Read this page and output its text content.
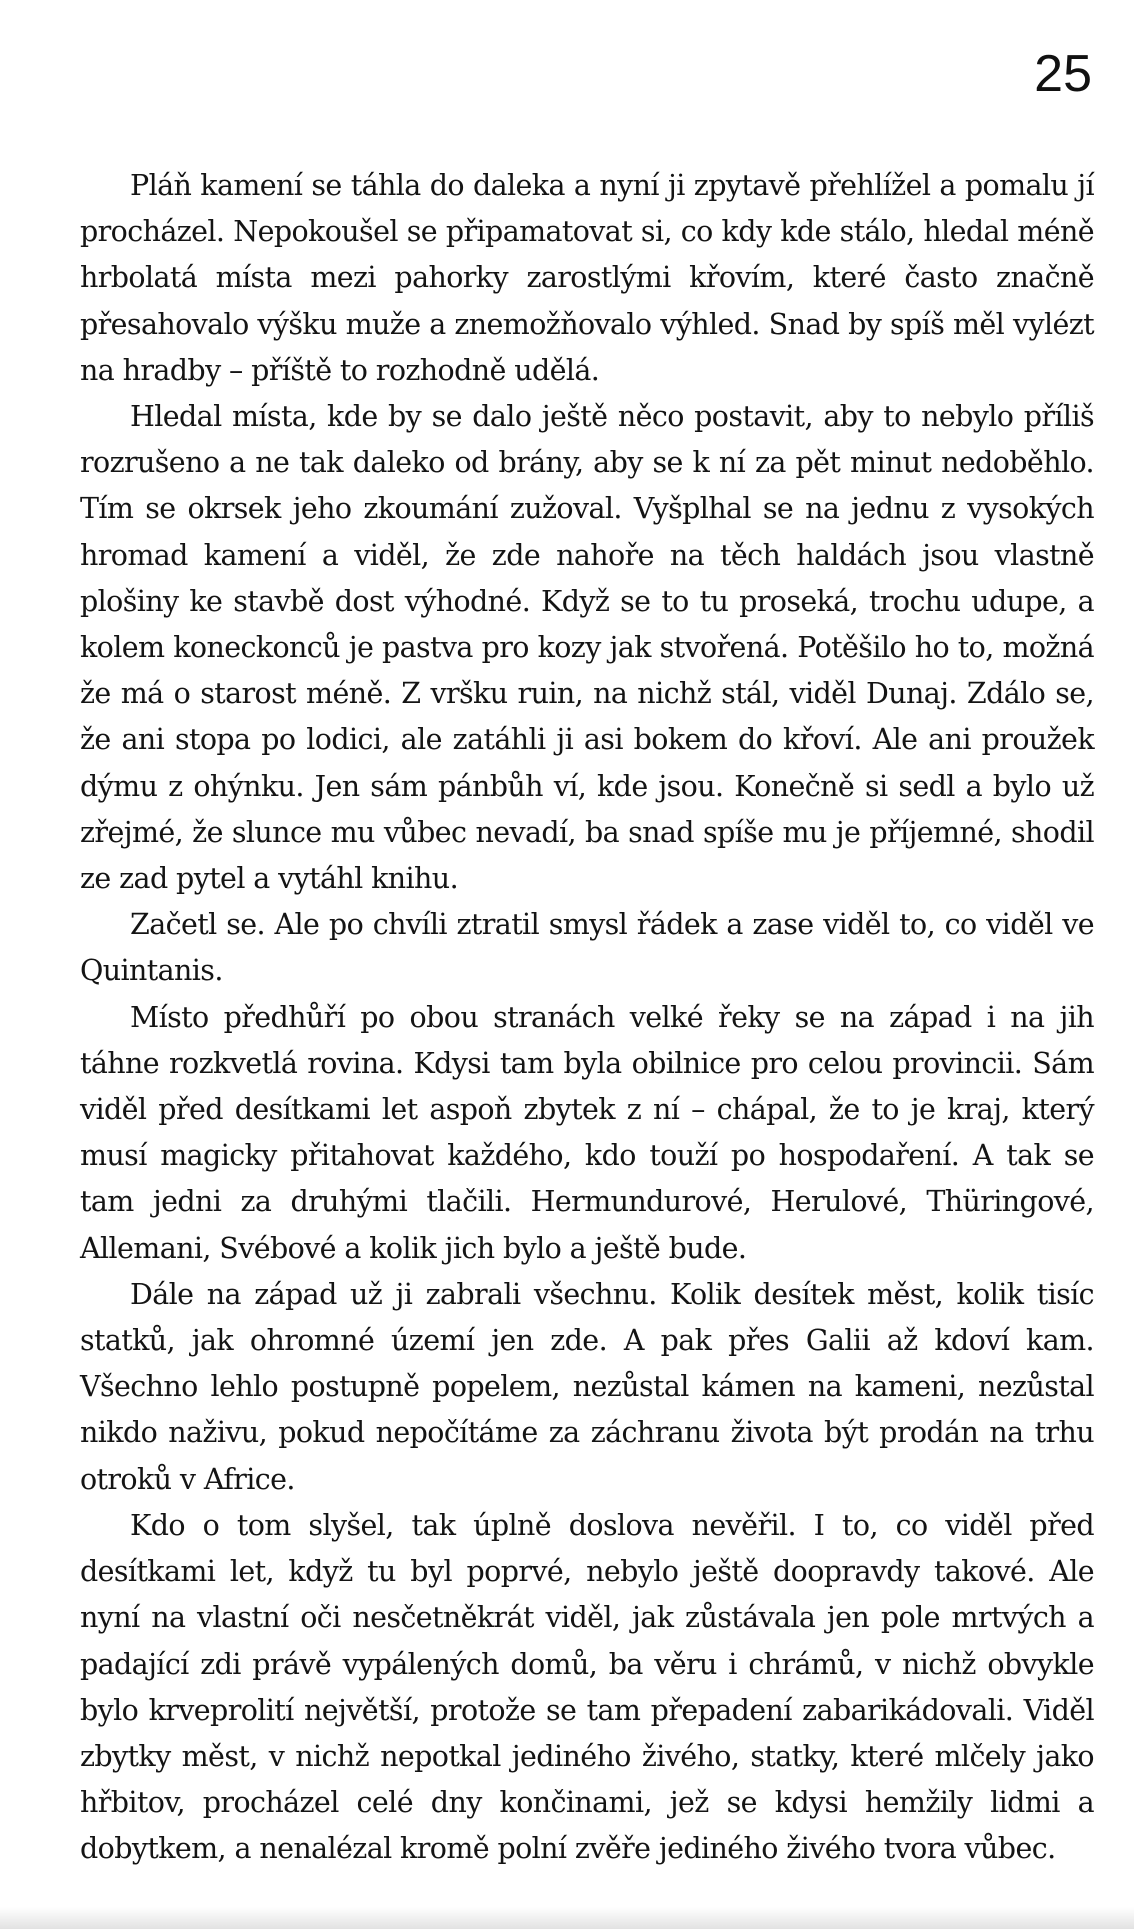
25

Pláň kamení se táhla do daleka a nyní ji zpytavě přehlížel a pomalu jí procházel. Nepokoušel se připamatovat si, co kdy kde stálo, hledal méně hrbolatá místa mezi pahorky zarostlými křovím, které často značně přesahovalo výšku muže a znemožňovalo výhled. Snad by spíš měl vylézt na hradby – příště to rozhodně udělá.

Hledal místa, kde by se dalo ještě něco postavit, aby to nebylo příliš rozrušeno a ne tak daleko od brány, aby se k ní za pět minut nedoběhlo. Tím se okrsek jeho zkoumání zužoval. Vyšplhal se na jednu z vysokých hromad kamení a viděl, že zde nahoře na těch haldách jsou vlastně plošiny ke stavbě dost výhodné. Když se to tu proseká, trochu udupe, a kolem koneckonců je pastva pro kozy jak stvořená. Potěšilo ho to, možná že má o starost méně. Z vršku ruin, na nichž stál, viděl Dunaj. Zdálo se, že ani stopa po lodici, ale zatáhli ji asi bokem do křoví. Ale ani proužek dýmu z ohýnku. Jen sám pánbůh ví, kde jsou. Konečně si sedl a bylo už zřejmé, že slunce mu vůbec nevadí, ba snad spíše mu je příjemné, shodil ze zad pytel a vytáhl knihu.

Začetl se. Ale po chvíli ztratil smysl řádek a zase viděl to, co viděl ve Quintanis.

Místo předhůří po obou stranách velké řeky se na západ i na jih táhne rozkvetlá rovina. Kdysi tam byla obilnice pro celou provincii. Sám viděl před desítkami let aspoň zbytek z ní – chápal, že to je kraj, který musí magicky přitahovat každého, kdo touží po hospodaření. A tak se tam jedni za druhými tlačili. Hermundurové, Herulové, Thüringové, Allemani, Svébové a kolik jich bylo a ještě bude.

Dále na západ už ji zabrali všechnu. Kolik desítek měst, kolik tisíc statků, jak ohromné území jen zde. A pak přes Galii až kdoví kam. Všechno lehlo postupně popelem, nezůstal kámen na kameni, nezůstal nikdo naživu, pokud nepočítáme za záchranu života být prodán na trhu otroků v Africe.

Kdo o tom slyšel, tak úplně doslova nevěřil. I to, co viděl před desítkami let, když tu byl poprvé, nebylo ještě doopravdy takové. Ale nyní na vlastní oči nesčetněkrát viděl, jak zůstávala jen pole mrtvých a padající zdi právě vypálených domů, ba věru i chrámů, v nichž obvykle bylo krveprolití největší, protože se tam přepadení zabarikádovali. Viděl zbytky měst, v nichž nepotkal jediného živého, statky, které mlčely jako hřbitov, procházel celé dny končinami, jež se kdysi hemžily lidmi a dobytkem, a nenalézal kromě polní zvěře jediného živého tvora vůbec.
